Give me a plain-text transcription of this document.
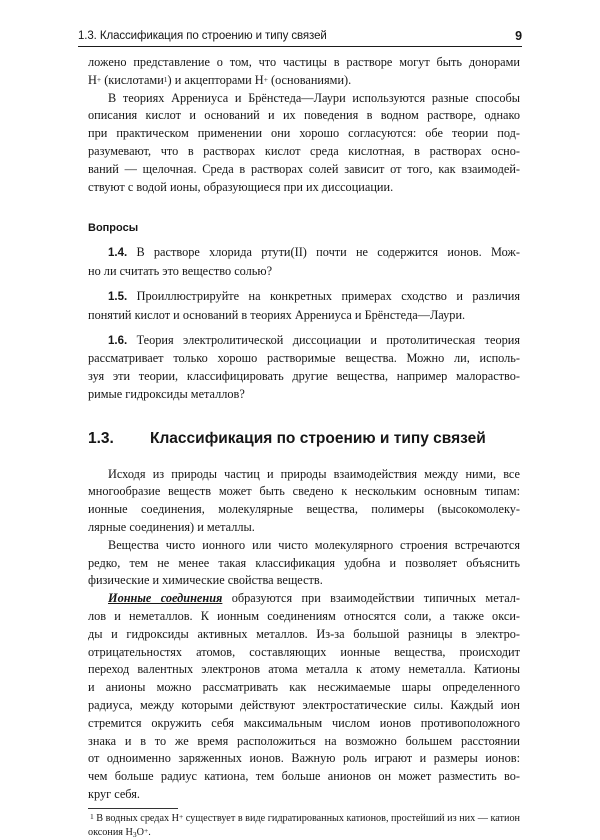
1.3. Классификация по строению и типу связей	9
ложено представление о том, что частицы в растворе могут быть донорами
H+ (кислотами$^1$) и акцепторами H+ (основаниями).
В теориях Аррениуса и Брёнстеда—Лаури используются разные способы
описания кислот и оснований и их поведения в водном растворе, однако
при практическом применении они хорошо согласуются: обе теории под-
разумевают, что в растворах кислот среда кислотная, в растворах осно-
ваний — щелочная. Среда в растворах солей зависит от того, как взаимодей-
ствуют с водой ионы, образующиеся при их диссоциации.
Вопросы
1.4. В растворе хлорида ртути(II) почти не содержится ионов. Мож-
но ли считать это вещество солью?
1.5. Проиллюстрируйте на конкретных примерах сходство и различия
понятий кислот и оснований в теориях Аррениуса и Брёнстеда—Лаури.
1.6. Теория электролитической диссоциации и протолитическая теория
рассматривает только хорошо растворимые вещества. Можно ли, исполь-
зуя эти теории, классифицировать другие вещества, например малораство-
римые гидроксиды металлов?
1.3.	Классификация по строению и типу связей
Исходя из природы частиц и природы взаимодействия между ними, все
многообразие веществ может быть сведено к нескольким основным типам:
ионные соединения, молекулярные вещества, полимеры (высокомолеку-
лярные соединения) и металлы.
Вещества чисто ионного или чисто молекулярного строения встречаются
редко, тем не менее такая классификация удобна и позволяет объяснить
физические и химические свойства веществ.
Ионные соединения образуются при взаимодействии типичных метал-
лов и неметаллов. К ионным соединениям относятся соли, а также окси-
ды и гидроксиды активных металлов. Из-за большой разницы в электро-
отрицательностях атомов, составляющих ионные вещества, происходит
переход валентных электронов атома металла к атому неметалла. Катионы
и анионы можно рассматривать как несжимаемые шары определенного
радиуса, между которыми действуют электростатические силы. Каждый ион
стремится окружить себя максимальным числом ионов противоположного
знака и в то же время расположиться на возможно большем расстоянии
от одноименно заряженных ионов. Важную роль играют и размеры ионов:
чем больше радиус катиона, тем больше анионов он может разместить во-
круг себя.
$^1$ В водных средах H+ существует в виде гидратированных катионов, простейший из них — катион
оксония $H_3O^+$.
